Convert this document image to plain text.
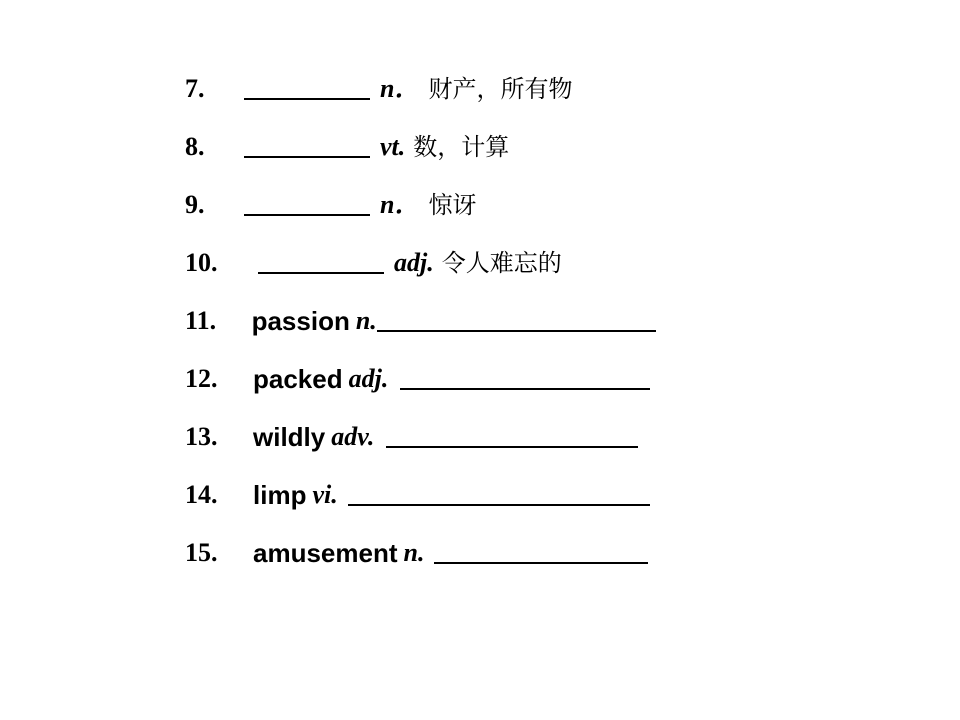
7 .	n． 财产，所有物
8 .	vt. 数，计算
9 .	n． 惊讶
10 .	adj. 令人难忘的
11 .	passion n.
12 .	packed adj.
13 .	wildly adv.
14 .	limp vi.
15 .	amusement n.
